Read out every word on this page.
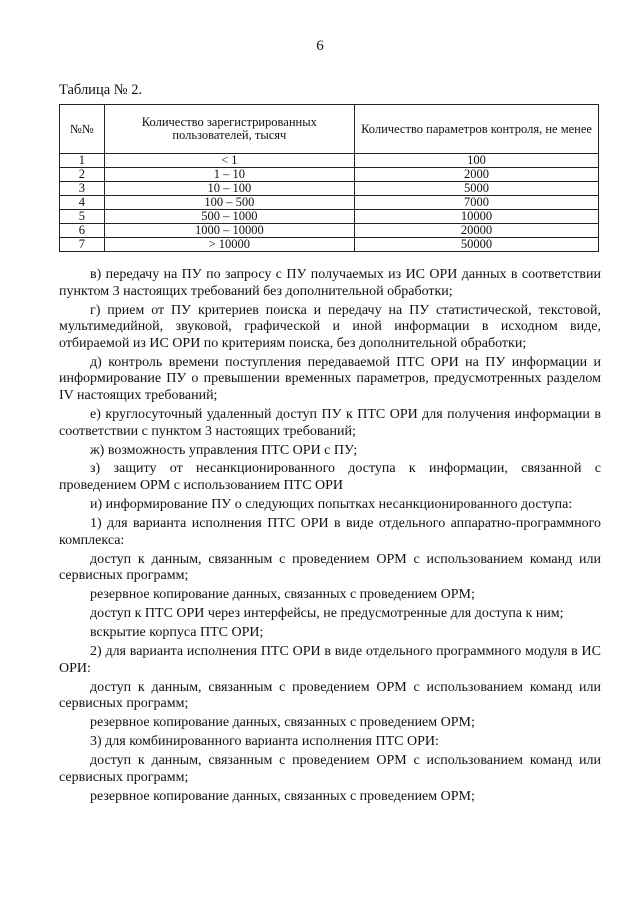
6
Таблица № 2.
№№	Количество зарегистрированных пользователей, тысяч	Количество параметров контроля, не менее
1	< 1	100
2	1 – 10	2000
3	10 – 100	5000
4	100 – 500	7000
5	500 – 1000	10000
6	1000 – 10000	20000
7	> 10000	50000

в) передачу на ПУ по запросу с ПУ получаемых из ИС ОРИ данных в соответствии пунктом 3 настоящих требований без дополнительной обработки;

г) прием от ПУ критериев поиска и передачу на ПУ статистической, текстовой, мультимедийной, звуковой, графической и иной информации в исходном виде, отбираемой из ИС ОРИ по критериям поиска, без дополнительной обработки;

д) контроль времени поступления передаваемой ПТС ОРИ на ПУ информации и информирование ПУ о превышении временных параметров, предусмотренных разделом IV настоящих требований;

е) круглосуточный удаленный доступ ПУ к ПТС ОРИ для получения информации в соответствии с пунктом 3 настоящих требований;

ж) возможность управления ПТС ОРИ с ПУ;

з) защиту от несанкционированного доступа к информации, связанной с проведением ОРМ с использованием ПТС ОРИ

и) информирование ПУ о следующих попытках несанкционированного доступа:

1) для варианта исполнения ПТС ОРИ в виде отдельного аппаратно-программного комплекса:

доступ к данным, связанным с проведением ОРМ с использованием команд или сервисных программ;

резервное копирование данных, связанных с проведением ОРМ;

доступ к ПТС ОРИ через интерфейсы, не предусмотренные для доступа к ним;

вскрытие корпуса ПТС ОРИ;

2) для варианта исполнения ПТС ОРИ в виде отдельного программного модуля в ИС ОРИ:

доступ к данным, связанным с проведением ОРМ с использованием команд или сервисных программ;

резервное копирование данных, связанных с проведением ОРМ;

3) для комбинированного варианта исполнения ПТС ОРИ:

доступ к данным, связанным с проведением ОРМ с использованием команд или сервисных программ;

резервное копирование данных, связанных с проведением ОРМ;
